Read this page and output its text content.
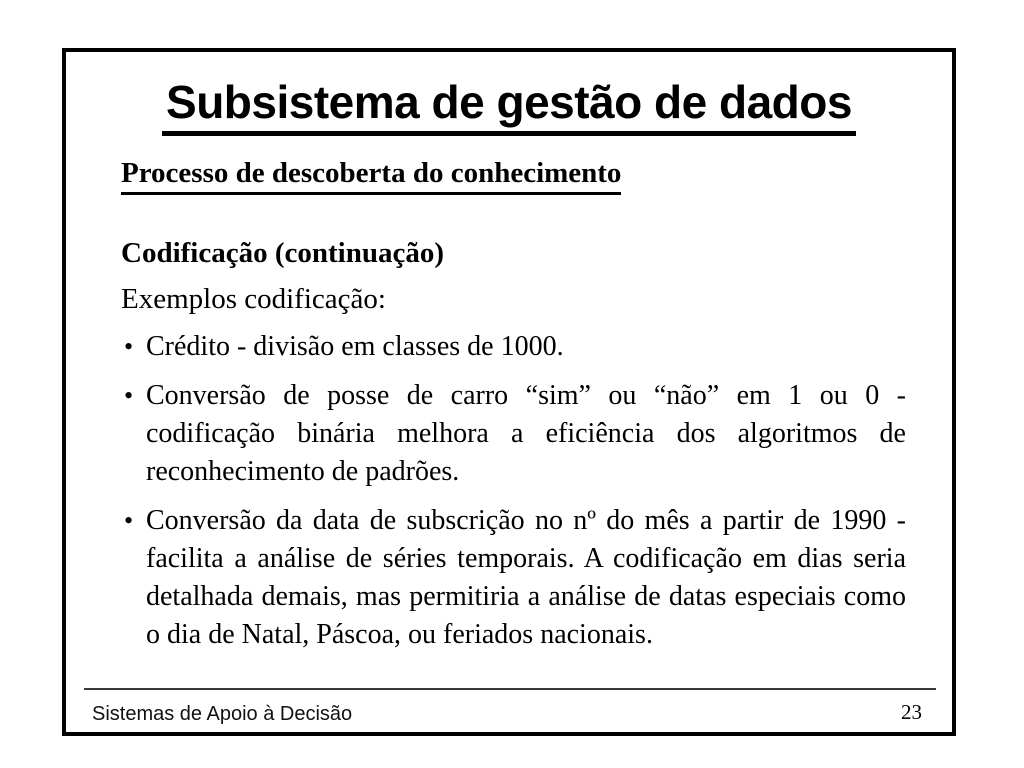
Subsistema de gestão de dados
Processo de descoberta do conhecimento
Codificação (continuação)
Exemplos codificação:
• Crédito - divisão em classes de 1000.
• Conversão de posse de carro “sim” ou “não” em 1 ou 0 - codificação binária melhora a eficiência dos algoritmos de reconhecimento de padrões.
• Conversão da data de subscrição no nº do mês a partir de 1990 - facilita a análise de séries temporais. A codificação em dias seria detalhada demais, mas permitiria a análise de datas especiais como o dia de Natal, Páscoa, ou feriados nacionais.
Sistemas de Apoio à Decisão	23
